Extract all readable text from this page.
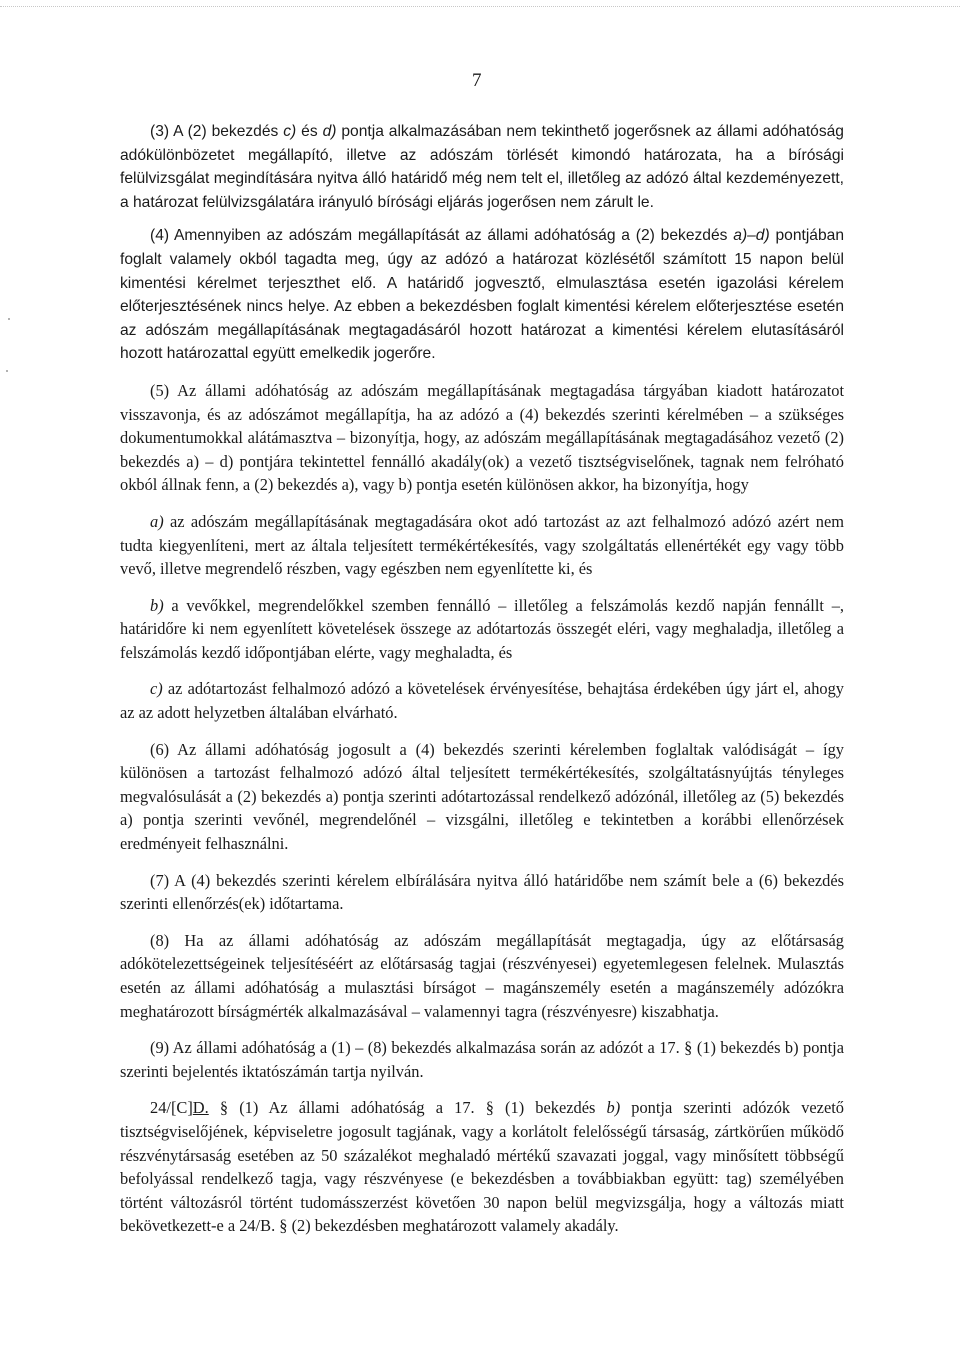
7

(3) A (2) bekezdés c) és d) pontja alkalmazásában nem tekinthető jogerősnek az állami adóhatóság adókülönbözetet megállapító, illetve az adószám törlését kimondó határozata, ha a bírósági felülvizsgálat megindítására nyitva álló határidő még nem telt el, illetőleg az adózó által kezdeményezett, a határozat felülvizsgálatára irányuló bírósági eljárás jogerősen nem zárult le.

(4) Amennyiben az adószám megállapítását az állami adóhatóság a (2) bekezdés a)–d) pontjában foglalt valamely okból tagadta meg, úgy az adózó a határozat közlésétől számított 15 napon belül kimentési kérelmet terjeszthet elő. A határidő jogvesztő, elmulasztása esetén igazolási kérelem előterjesztésének nincs helye. Az ebben a bekezdésben foglalt kimentési kérelem előterjesztése esetén az adószám megállapításának megtagadásáról hozott határozat a kimentési kérelem elutasításáról hozott határozattal együtt emelkedik jogerőre.

(5) Az állami adóhatóság az adószám megállapításának megtagadása tárgyában kiadott határozatot visszavonja, és az adószámot megállapítja, ha az adózó a (4) bekezdés szerinti kérelmében – a szükséges dokumentumokkal alátámasztva – bizonyítja, hogy, az adószám megállapításának megtagadásához vezető (2) bekezdés a) – d) pontjára tekintettel fennálló akadály(ok) a vezető tisztségviselőnek, tagnak nem felróható okból állnak fenn, a (2) bekezdés a), vagy b) pontja esetén különösen akkor, ha bizonyítja, hogy

a) az adószám megállapításának megtagadására okot adó tartozást az azt felhalmozó adózó azért nem tudta kiegyenlíteni, mert az általa teljesített termékértékesítés, vagy szolgáltatás ellenértékét egy vagy több vevő, illetve megrendelő részben, vagy egészben nem egyenlítette ki, és

b) a vevőkkel, megrendelőkkel szemben fennálló – illetőleg a felszámolás kezdő napján fennállt –, határidőre ki nem egyenlített követelések összege az adótartozás összegét eléri, vagy meghaladja, illetőleg a felszámolás kezdő időpontjában elérte, vagy meghaladta, és

c) az adótartozást felhalmozó adózó a követelések érvényesítése, behajtása érdekében úgy járt el, ahogy az az adott helyzetben általában elvárható.

(6) Az állami adóhatóság jogosult a (4) bekezdés szerinti kérelemben foglaltak valódiságát – így különösen a tartozást felhalmozó adózó által teljesített termékértékesítés, szolgáltatásnyújtás tényleges megvalósulását a (2) bekezdés a) pontja szerinti adótartozással rendelkező adózónál, illetőleg az (5) bekezdés a) pontja szerinti vevőnél, megrendelőnél – vizsgálni, illetőleg e tekintetben a korábbi ellenőrzések eredményeit felhasználni.

(7) A (4) bekezdés szerinti kérelem elbírálására nyitva álló határidőbe nem számít bele a (6) bekezdés szerinti ellenőrzés(ek) időtartama.

(8) Ha az állami adóhatóság az adószám megállapítását megtagadja, úgy az előtársaság adókötelezettségeinek teljesítéséért az előtársaság tagjai (részvényesei) egyetemlegesen felelnek. Mulasztás esetén az állami adóhatóság a mulasztási bírságot – magánszemély esetén a magánszemély adózókra meghatározott bírságmérték alkalmazásával – valamennyi tagra (részvényesre) kiszabhatja.

(9) Az állami adóhatóság a (1) – (8) bekezdés alkalmazása során az adózót a 17. § (1) bekezdés b) pontja szerinti bejelentés iktatószámán tartja nyilván.

24/[C]D. § (1) Az állami adóhatóság a 17. § (1) bekezdés b) pontja szerinti adózók vezető tisztségviselőjének, képviseletre jogosult tagjának, vagy a korlátolt felelősségű társaság, zártkörűen működő részvénytársaság esetében az 50 százalékot meghaladó mértékű szavazati joggal, vagy minősített többségű befolyással rendelkező tagja, vagy részvényese (e bekezdésben a továbbiakban együtt: tag) személyében történt változásról történt tudomásszerzést követően 30 napon belül megvizsgálja, hogy a változás miatt bekövetkezett-e a 24/B. § (2) bekezdésben meghatározott valamely akadály.
